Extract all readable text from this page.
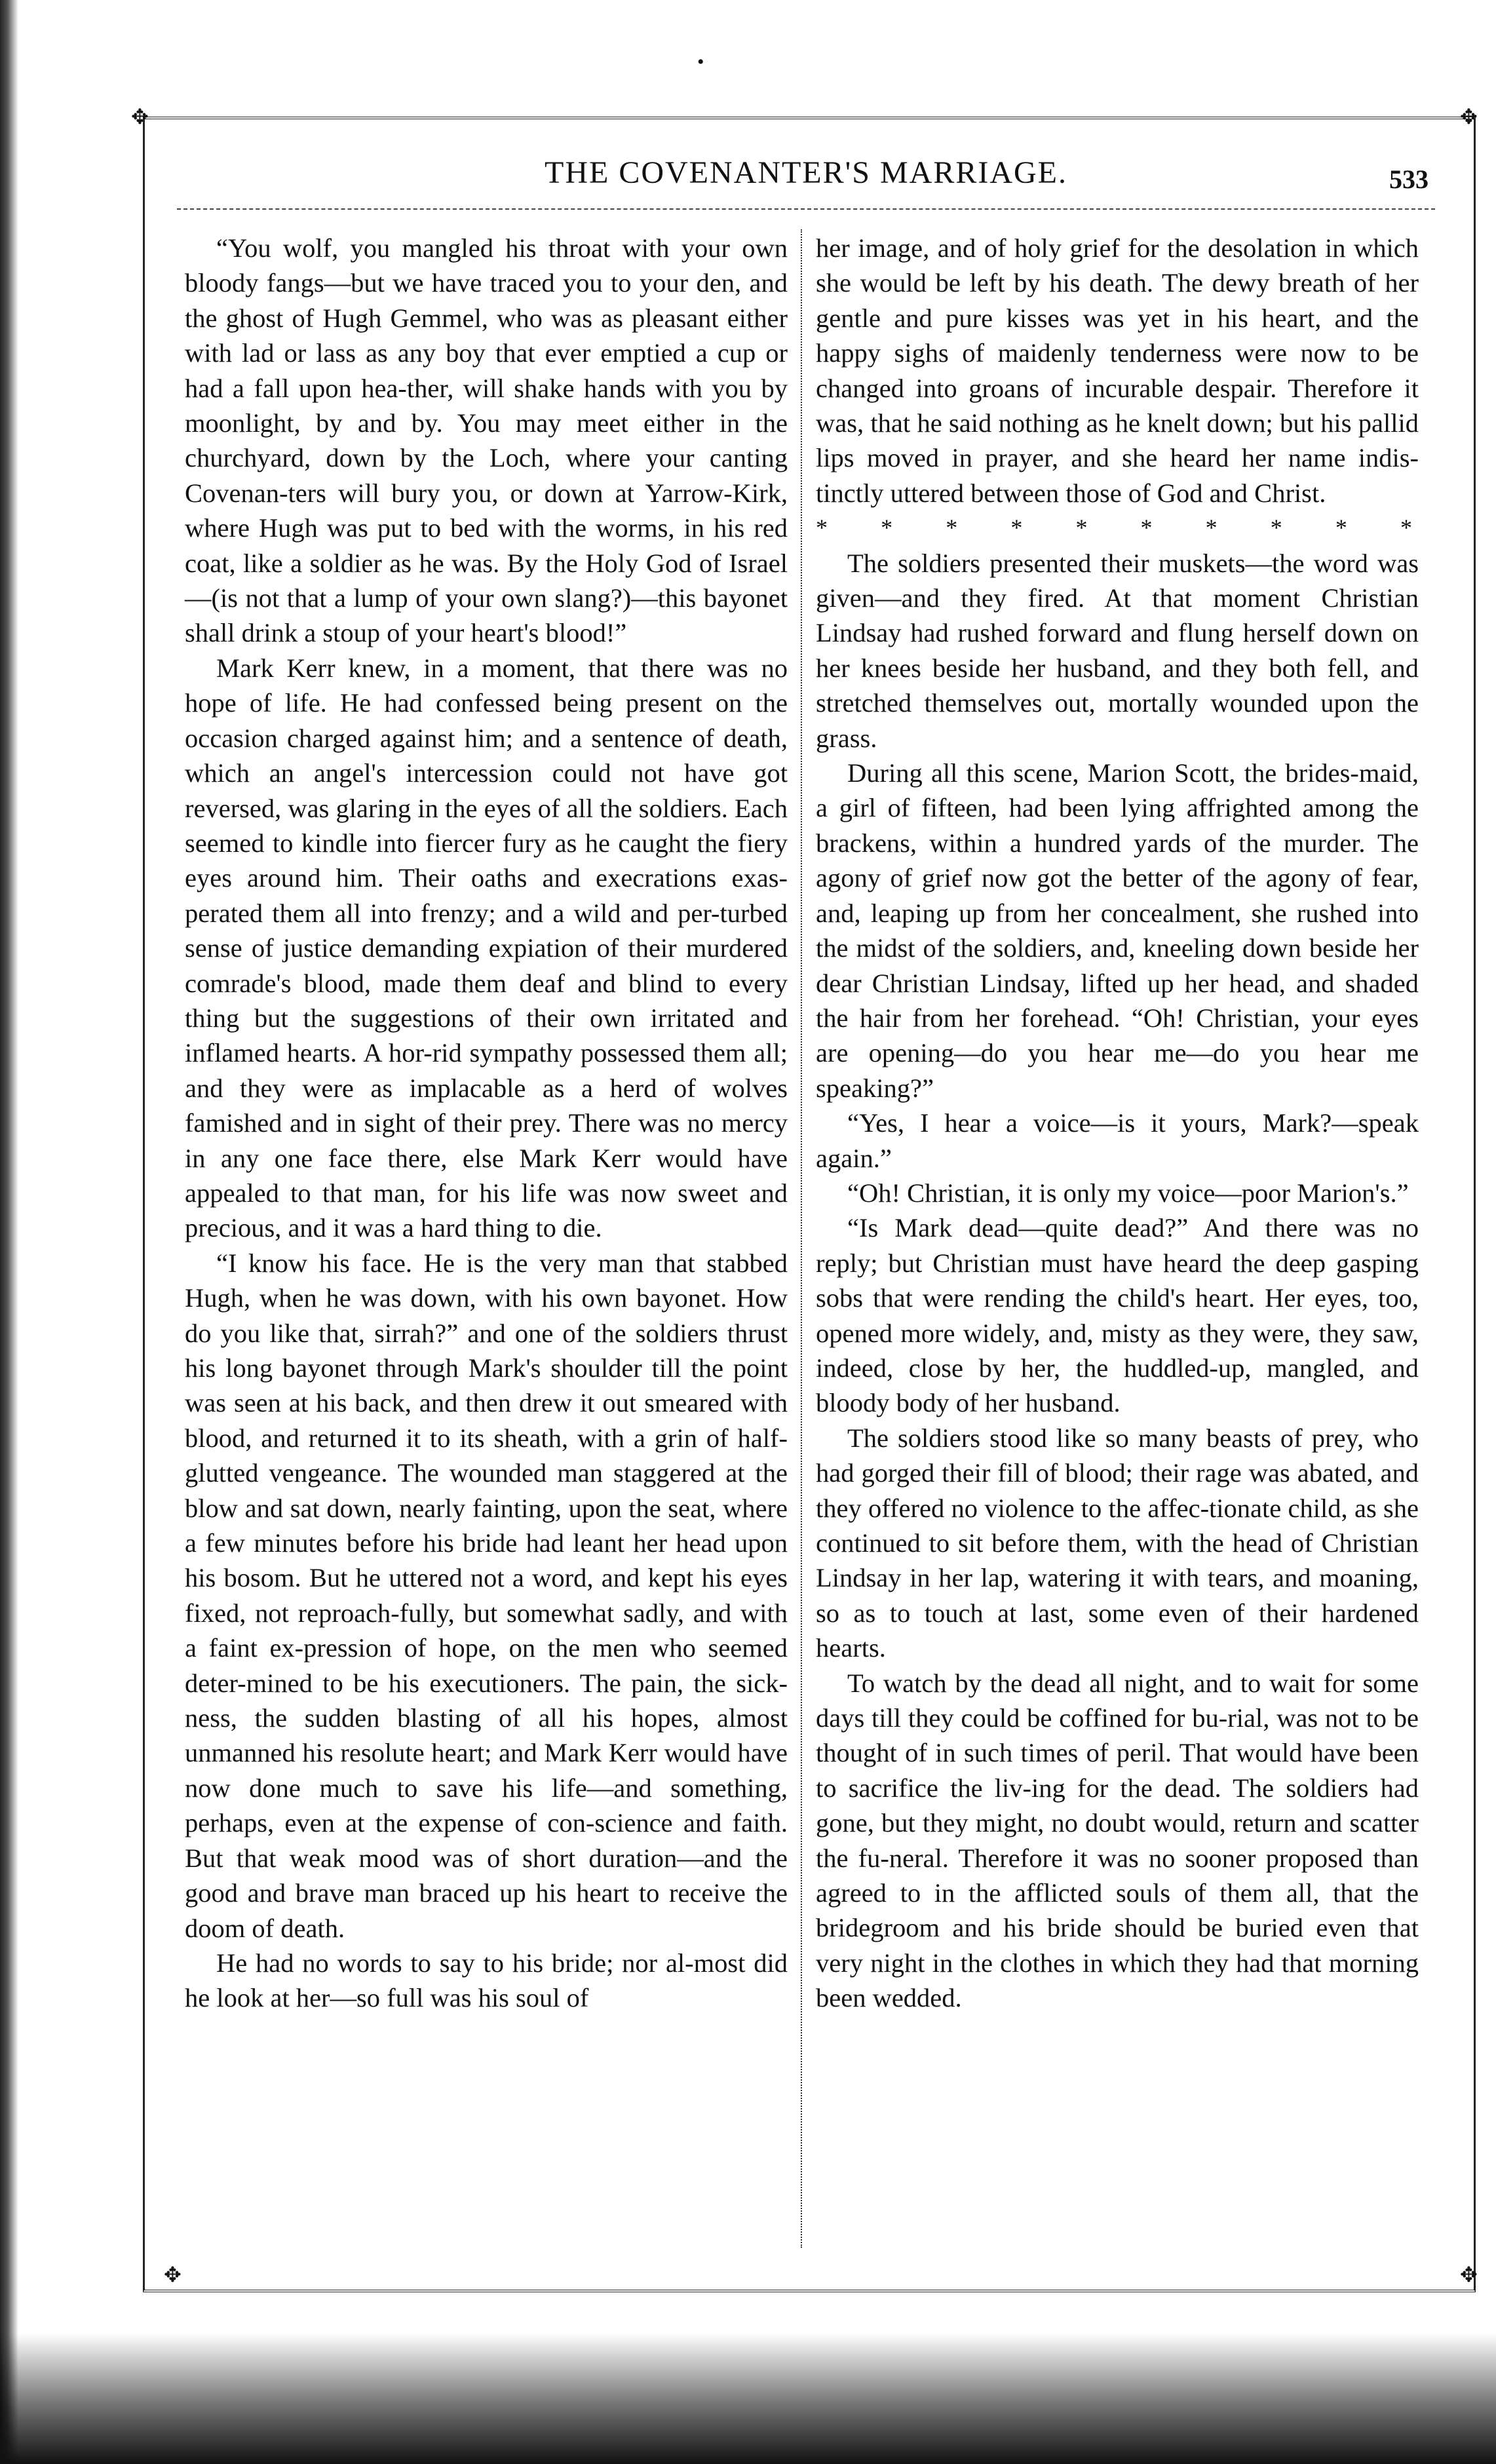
•
✥	✥
✥	✥
THE COVENANTER'S MARRIAGE.	533

“You wolf, you mangled his throat with your own bloody fangs—but we have traced you to your den, and the ghost of Hugh Gemmel, who was as pleasant either with lad or lass as any boy that ever emptied a cup or had a fall upon hea-ther, will shake hands with you by moonlight, by and by. You may meet either in the churchyard, down by the Loch, where your canting Covenan-ters will bury you, or down at Yarrow-Kirk, where Hugh was put to bed with the worms, in his red coat, like a soldier as he was. By the Holy God of Israel—(is not that a lump of your own slang?)—this bayonet shall drink a stoup of your heart's blood!”

Mark Kerr knew, in a moment, that there was no hope of life. He had confessed being present on the occasion charged against him; and a sentence of death, which an angel's intercession could not have got reversed, was glaring in the eyes of all the soldiers. Each seemed to kindle into fiercer fury as he caught the fiery eyes around him. Their oaths and execrations exas-perated them all into frenzy; and a wild and per-turbed sense of justice demanding expiation of their murdered comrade's blood, made them deaf and blind to every thing but the suggestions of their own irritated and inflamed hearts. A hor-rid sympathy possessed them all; and they were as implacable as a herd of wolves famished and in sight of their prey. There was no mercy in any one face there, else Mark Kerr would have appealed to that man, for his life was now sweet and precious, and it was a hard thing to die.

“I know his face. He is the very man that stabbed Hugh, when he was down, with his own bayonet. How do you like that, sirrah?” and one of the soldiers thrust his long bayonet through Mark's shoulder till the point was seen at his back, and then drew it out smeared with blood, and returned it to its sheath, with a grin of half-glutted vengeance. The wounded man staggered at the blow and sat down, nearly fainting, upon the seat, where a few minutes before his bride had leant her head upon his bosom. But he uttered not a word, and kept his eyes fixed, not reproach-fully, but somewhat sadly, and with a faint ex-pression of hope, on the men who seemed deter-mined to be his executioners. The pain, the sick-ness, the sudden blasting of all his hopes, almost unmanned his resolute heart; and Mark Kerr would have now done much to save his life—and something, perhaps, even at the expense of con-science and faith. But that weak mood was of short duration—and the good and brave man braced up his heart to receive the doom of death.

He had no words to say to his bride; nor al-most did he look at her—so full was his soul of

her image, and of holy grief for the desolation in which she would be left by his death. The dewy breath of her gentle and pure kisses was yet in his heart, and the happy sighs of maidenly tenderness were now to be changed into groans of incurable despair. Therefore it was, that he said nothing as he knelt down; but his pallid lips moved in prayer, and she heard her name indis-tinctly uttered between those of God and Christ.

* * * * * * * * * *

The soldiers presented their muskets—the word was given—and they fired. At that moment Christian Lindsay had rushed forward and flung herself down on her knees beside her husband, and they both fell, and stretched themselves out, mortally wounded upon the grass.

During all this scene, Marion Scott, the brides-maid, a girl of fifteen, had been lying affrighted among the brackens, within a hundred yards of the murder. The agony of grief now got the better of the agony of fear, and, leaping up from her concealment, she rushed into the midst of the soldiers, and, kneeling down beside her dear Christian Lindsay, lifted up her head, and shaded the hair from her forehead. “Oh! Christian, your eyes are opening—do you hear me—do you hear me speaking?”

“Yes, I hear a voice—is it yours, Mark?—speak again.”

“Oh! Christian, it is only my voice—poor Marion's.”

“Is Mark dead—quite dead?” And there was no reply; but Christian must have heard the deep gasping sobs that were rending the child's heart. Her eyes, too, opened more widely, and, misty as they were, they saw, indeed, close by her, the huddled-up, mangled, and bloody body of her husband.

The soldiers stood like so many beasts of prey, who had gorged their fill of blood; their rage was abated, and they offered no violence to the affec-tionate child, as she continued to sit before them, with the head of Christian Lindsay in her lap, watering it with tears, and moaning, so as to touch at last, some even of their hardened hearts.

To watch by the dead all night, and to wait for some days till they could be coffined for bu-rial, was not to be thought of in such times of peril. That would have been to sacrifice the liv-ing for the dead. The soldiers had gone, but they might, no doubt would, return and scatter the fu-neral. Therefore it was no sooner proposed than agreed to in the afflicted souls of them all, that the bridegroom and his bride should be buried even that very night in the clothes in which they had that morning been wedded.
